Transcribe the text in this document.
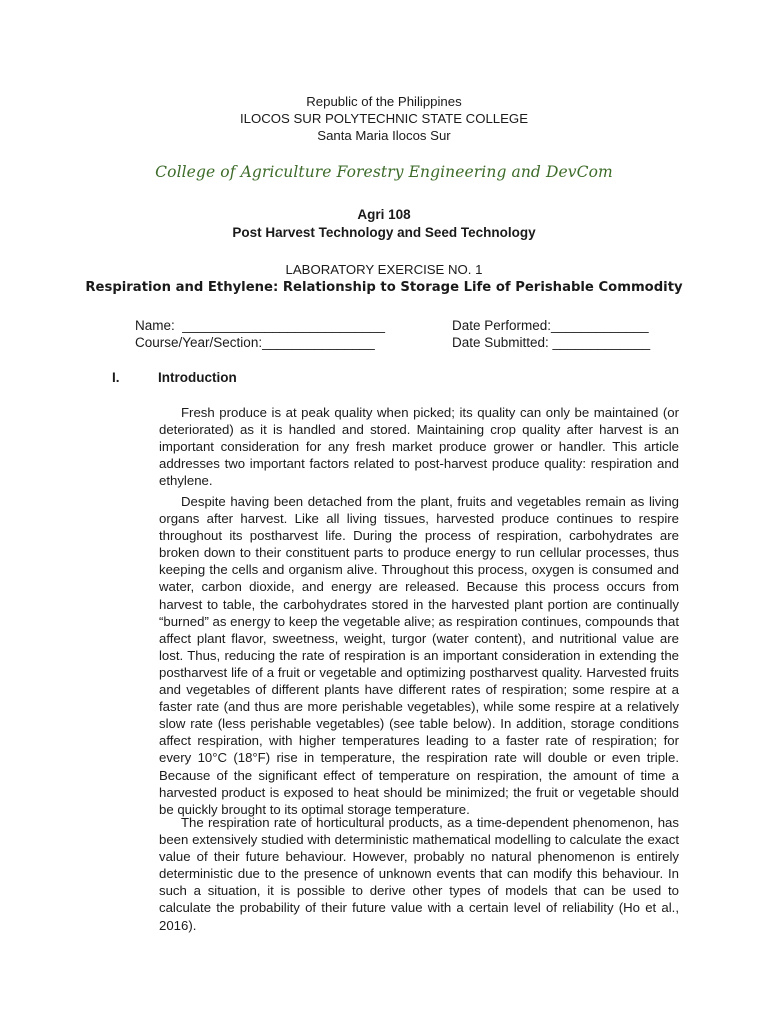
Republic of the Philippines
ILOCOS SUR POLYTECHNIC STATE COLLEGE
Santa Maria Ilocos Sur
College of Agriculture Forestry Engineering and DevCom
Agri 108
Post Harvest Technology and Seed Technology
LABORATORY EXERCISE NO. 1
Respiration and Ethylene: Relationship to Storage Life of Perishable Commodity
Name:  ___________________________
Course/Year/Section:_______________
Date Performed:_____________
Date Submitted: _____________
I.	Introduction
Fresh produce is at peak quality when picked; its quality can only be maintained (or deteriorated) as it is handled and stored. Maintaining crop quality after harvest is an important consideration for any fresh market produce grower or handler. This article addresses two important factors related to post-harvest produce quality: respiration and ethylene.
Despite having been detached from the plant, fruits and vegetables remain as living organs after harvest. Like all living tissues, harvested produce continues to respire throughout its postharvest life. During the process of respiration, carbohydrates are broken down to their constituent parts to produce energy to run cellular processes, thus keeping the cells and organism alive. Throughout this process, oxygen is consumed and water, carbon dioxide, and energy are released. Because this process occurs from harvest to table, the carbohydrates stored in the harvested plant portion are continually “burned” as energy to keep the vegetable alive; as respiration continues, compounds that affect plant flavor, sweetness, weight, turgor (water content), and nutritional value are lost. Thus, reducing the rate of respiration is an important consideration in extending the postharvest life of a fruit or vegetable and optimizing postharvest quality. Harvested fruits and vegetables of different plants have different rates of respiration; some respire at a faster rate (and thus are more perishable vegetables), while some respire at a relatively slow rate (less perishable vegetables) (see table below). In addition, storage conditions affect respiration, with higher temperatures leading to a faster rate of respiration; for every 10°C (18°F) rise in temperature, the respiration rate will double or even triple. Because of the significant effect of temperature on respiration, the amount of time a harvested product is exposed to heat should be minimized; the fruit or vegetable should be quickly brought to its optimal storage temperature.
The respiration rate of horticultural products, as a time-dependent phenomenon, has been extensively studied with deterministic mathematical modelling to calculate the exact value of their future behaviour. However, probably no natural phenomenon is entirely deterministic due to the presence of unknown events that can modify this behaviour. In such a situation, it is possible to derive other types of models that can be used to calculate the probability of their future value with a certain level of reliability (Ho et al., 2016).
